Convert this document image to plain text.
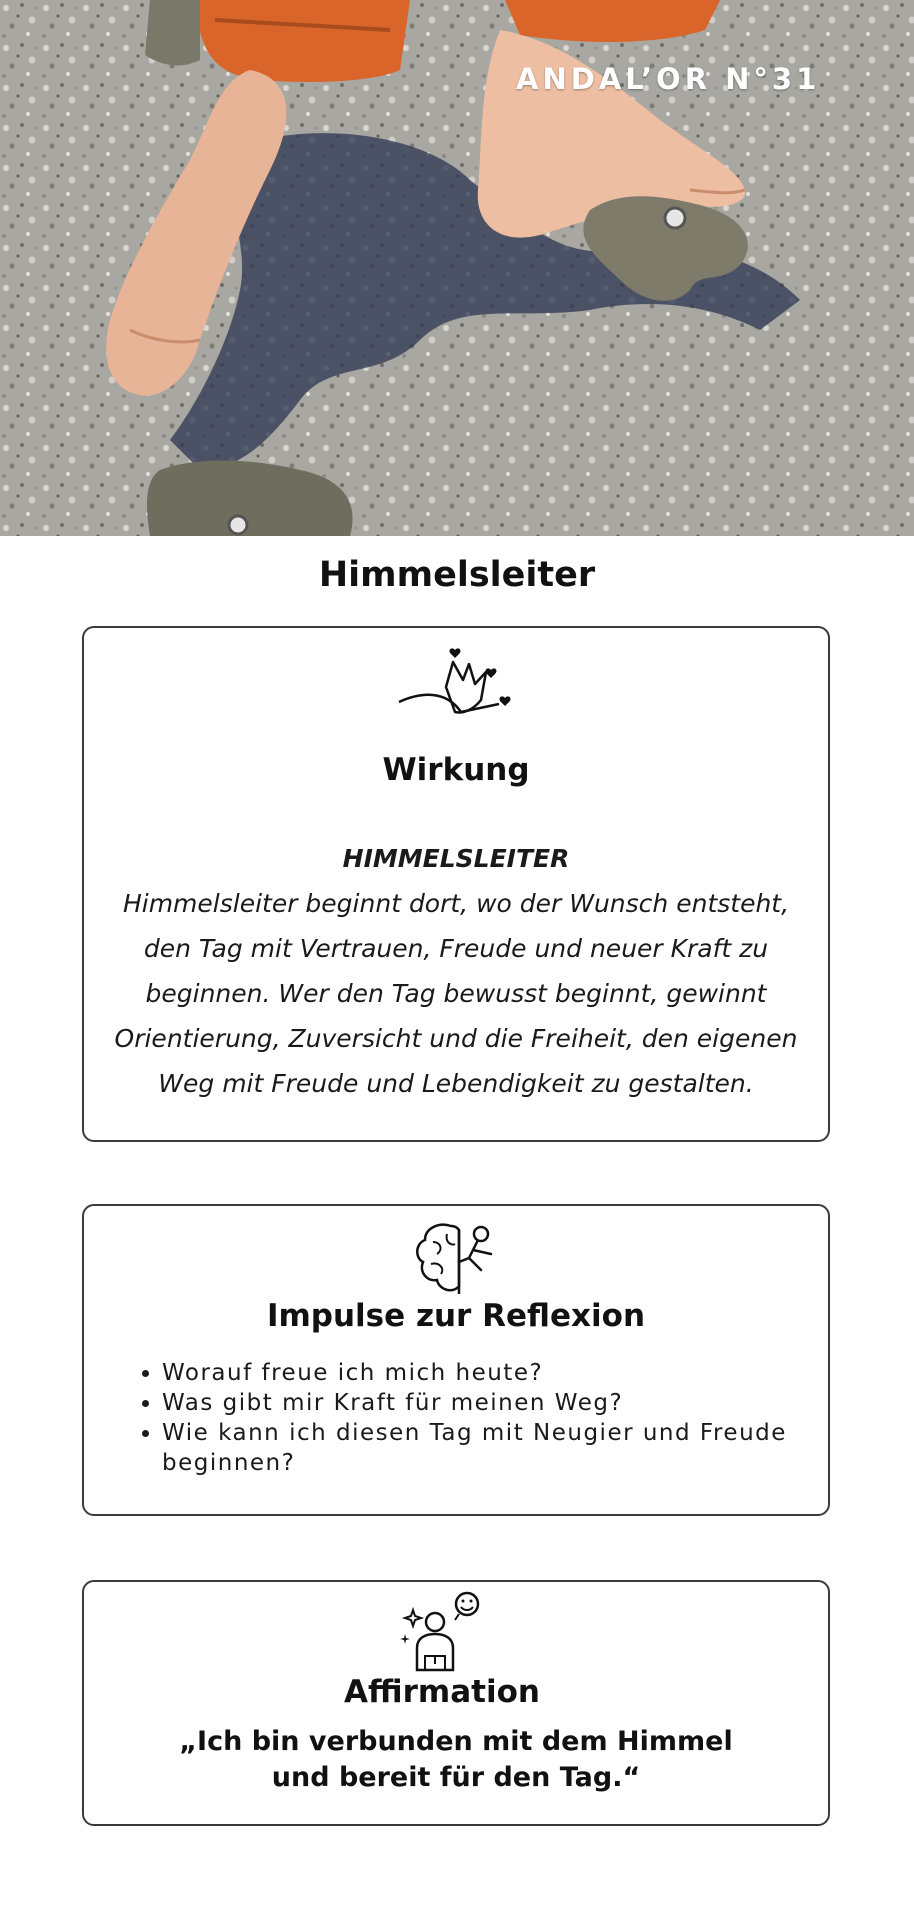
ANDAL’OR N°31
Himmelsleiter
Wirkung
HIMMELSLEITER
Himmelsleiter beginnt dort, wo der Wunsch entsteht, den Tag mit Vertrauen, Freude und neuer Kraft zu beginnen. Wer den Tag bewusst beginnt, gewinnt Orientierung, Zuversicht und die Freiheit, den eigenen Weg mit Freude und Lebendigkeit zu gestalten.
Impulse zur Reflexion
• Worauf freue ich mich heute?
• Was gibt mir Kraft für meinen Weg?
• Wie kann ich diesen Tag mit Neugier und Freude beginnen?
Affirmation
„Ich bin verbunden mit dem Himmel
und bereit für den Tag.“
